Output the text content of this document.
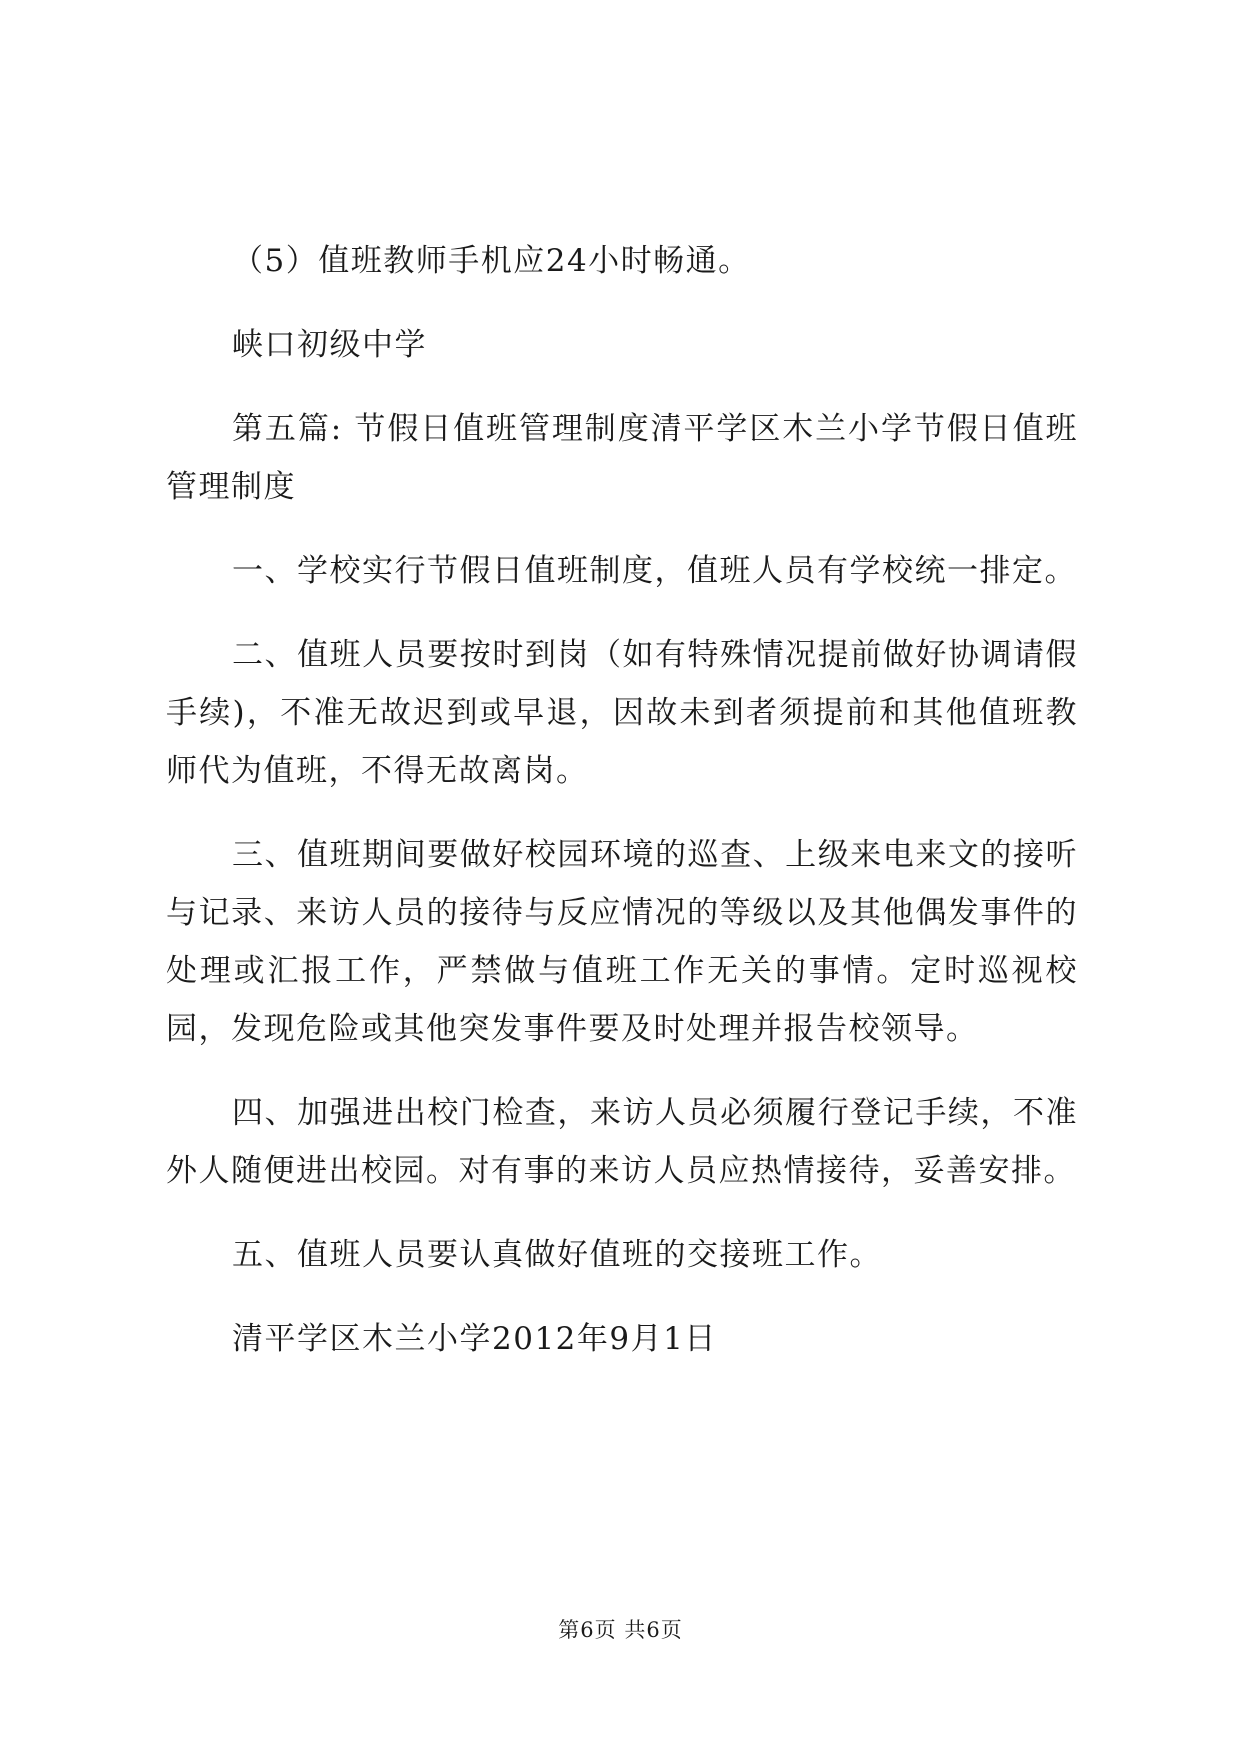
（5）值班教师手机应24小时畅通。

峡口初级中学

第五篇: 节假日值班管理制度清平学区木兰小学节假日值班管理制度

一、学校实行节假日值班制度，值班人员有学校统一排定。

二、值班人员要按时到岗（如有特殊情况提前做好协调请假手续)，不准无故迟到或早退，因故未到者须提前和其他值班教师代为值班，不得无故离岗。

三、值班期间要做好校园环境的巡查、上级来电来文的接听与记录、来访人员的接待与反应情况的等级以及其他偶发事件的处理或汇报工作，严禁做与值班工作无关的事情。定时巡视校园，发现危险或其他突发事件要及时处理并报告校领导。

四、加强进出校门检查，来访人员必须履行登记手续，不准外人随便进出校园。对有事的来访人员应热情接待，妥善安排。

五、值班人员要认真做好值班的交接班工作。

清平学区木兰小学2012年9月1日

第6页 共6页
